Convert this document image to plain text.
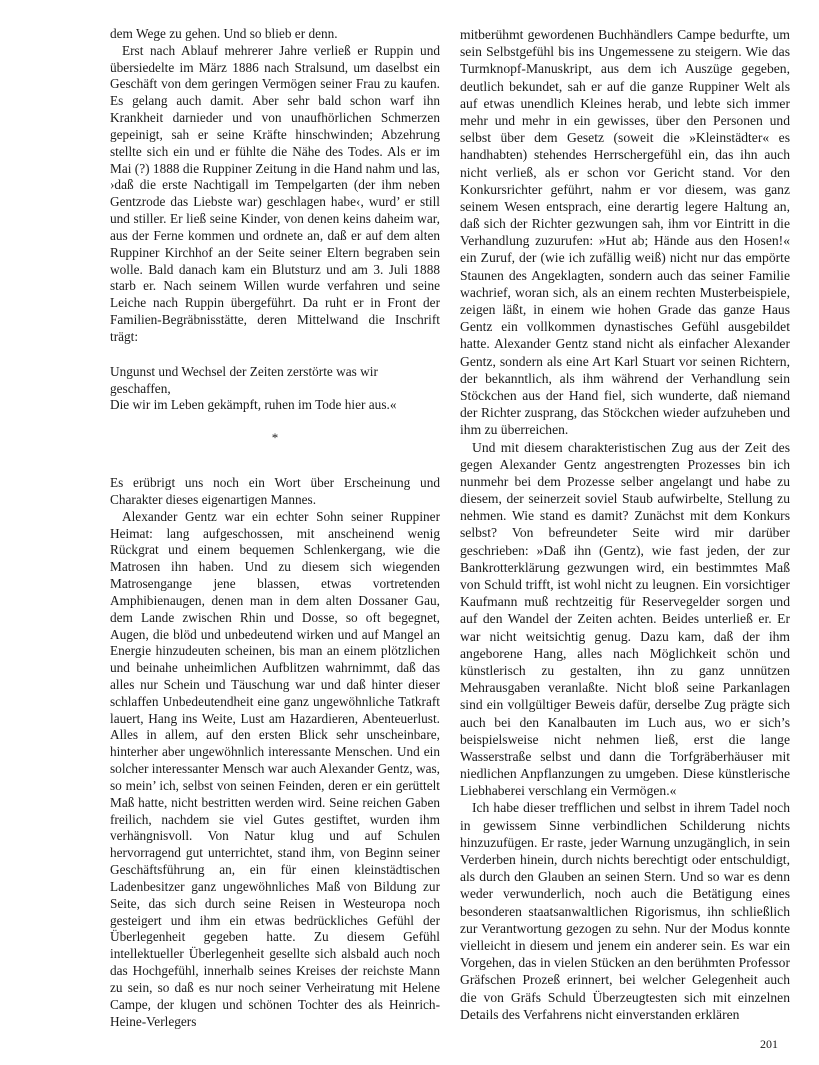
dem Wege zu gehen. Und so blieb er denn.

Erst nach Ablauf mehrerer Jahre verließ er Ruppin und übersiedelte im März 1886 nach Stralsund, um daselbst ein Geschäft von dem geringen Vermögen seiner Frau zu kaufen. Es gelang auch damit. Aber sehr bald schon warf ihn Krankheit darnieder und von unaufhörlichen Schmerzen gepeinigt, sah er seine Kräfte hinschwinden; Abzehrung stellte sich ein und er fühlte die Nähe des Todes. Als er im Mai (?) 1888 die Ruppiner Zeitung in die Hand nahm und las, ›daß die erste Nachtigall im Tempelgarten (der ihm neben Gentzrode das Liebste war) geschlagen habe‹, wurd’ er still und stiller. Er ließ seine Kinder, von denen keins daheim war, aus der Ferne kommen und ordnete an, daß er auf dem alten Ruppiner Kirchhof an der Seite seiner Eltern begraben sein wolle. Bald danach kam ein Blutsturz und am 3. Juli 1888 starb er. Nach seinem Willen wurde verfahren und seine Leiche nach Ruppin übergeführt. Da ruht er in Front der Familien-Begräbnisstätte, deren Mittelwand die Inschrift trägt:

Ungunst und Wechsel der Zeiten zerstörte was wir geschaffen,
Die wir im Leben gekämpft, ruhen im Tode hier aus.«
*

Es erübrigt uns noch ein Wort über Erscheinung und Charakter dieses eigenartigen Mannes.

Alexander Gentz war ein echter Sohn seiner Ruppiner Heimat: lang aufgeschossen, mit anscheinend wenig Rückgrat und einem bequemen Schlenkergang, wie die Matrosen ihn haben. Und zu diesem sich wiegenden Matrosengange jene blassen, etwas vortretenden Amphibienaugen, denen man in dem alten Dossaner Gau, dem Lande zwischen Rhin und Dosse, so oft begegnet, Augen, die blöd und unbedeutend wirken und auf Mangel an Energie hinzudeuten scheinen, bis man an einem plötzlichen und beinahe unheimlichen Aufblitzen wahrnimmt, daß das alles nur Schein und Täuschung war und daß hinter dieser schlaffen Unbedeutendheit eine ganz ungewöhnliche Tatkraft lauert, Hang ins Weite, Lust am Hazardieren, Abenteuerlust. Alles in allem, auf den ersten Blick sehr unscheinbare, hinterher aber ungewöhnlich interessante Menschen. Und ein solcher interessanter Mensch war auch Alexander Gentz, was, so mein’ ich, selbst von seinen Feinden, deren er ein gerüttelt Maß hatte, nicht bestritten werden wird. Seine reichen Gaben freilich, nachdem sie viel Gutes gestiftet, wurden ihm verhängnisvoll. Von Natur klug und auf Schulen hervorragend gut unterrichtet, stand ihm, von Beginn seiner Geschäftsführung an, ein für einen kleinstädtischen Ladenbesitzer ganz ungewöhnliches Maß von Bildung zur Seite, das sich durch seine Reisen in Westeuropa noch gesteigert und ihm ein etwas bedrückliches Gefühl der Überlegenheit gegeben hatte. Zu diesem Gefühl intellektueller Überlegenheit gesellte sich alsbald auch noch das Hochgefühl, innerhalb seines Kreises der reichste Mann zu sein, so daß es nur noch seiner Verheiratung mit Helene Campe, der klugen und schönen Tochter des als Heinrich-Heine-Verlegers

mitberühmt gewordenen Buchhändlers Campe bedurfte, um sein Selbstgefühl bis ins Ungemessene zu steigern. Wie das Turmknopf-Manuskript, aus dem ich Auszüge gegeben, deutlich bekundet, sah er auf die ganze Ruppiner Welt als auf etwas unendlich Kleines herab, und lebte sich immer mehr und mehr in ein gewisses, über den Personen und selbst über dem Gesetz (soweit die »Kleinstädter« es handhabten) stehendes Herrschergefühl ein, das ihn auch nicht verließ, als er schon vor Gericht stand. Vor den Konkursrichter geführt, nahm er vor diesem, was ganz seinem Wesen entsprach, eine derartig legere Haltung an, daß sich der Richter gezwungen sah, ihm vor Eintritt in die Verhandlung zuzurufen: »Hut ab; Hände aus den Hosen!« ein Zuruf, der (wie ich zufällig weiß) nicht nur das empörte Staunen des Angeklagten, sondern auch das seiner Familie wachrief, woran sich, als an einem rechten Musterbeispiele, zeigen läßt, in einem wie hohen Grade das ganze Haus Gentz ein vollkommen dynastisches Gefühl ausgebildet hatte. Alexander Gentz stand nicht als einfacher Alexander Gentz, sondern als eine Art Karl Stuart vor seinen Richtern, der bekanntlich, als ihm während der Verhandlung sein Stöckchen aus der Hand fiel, sich wunderte, daß niemand der Richter zusprang, das Stöckchen wieder aufzuheben und ihm zu überreichen.

Und mit diesem charakteristischen Zug aus der Zeit des gegen Alexander Gentz angestrengten Prozesses bin ich nunmehr bei dem Prozesse selber angelangt und habe zu diesem, der seinerzeit soviel Staub aufwirbelte, Stellung zu nehmen. Wie stand es damit? Zunächst mit dem Konkurs selbst? Von befreundeter Seite wird mir darüber geschrieben: »Daß ihn (Gentz), wie fast jeden, der zur Bankrotterklärung gezwungen wird, ein bestimmtes Maß von Schuld trifft, ist wohl nicht zu leugnen. Ein vorsichtiger Kaufmann muß rechtzeitig für Reservegelder sorgen und auf den Wandel der Zeiten achten. Beides unterließ er. Er war nicht weitsichtig genug. Dazu kam, daß der ihm angeborene Hang, alles nach Möglichkeit schön und künstlerisch zu gestalten, ihn zu ganz unnützen Mehrausgaben veranlaßte. Nicht bloß seine Parkanlagen sind ein vollgültiger Beweis dafür, derselbe Zug prägte sich auch bei den Kanalbauten im Luch aus, wo er sich’s beispielsweise nicht nehmen ließ, erst die lange Wasserstraße selbst und dann die Torfgräberhäuser mit niedlichen Anpflanzungen zu umgeben. Diese künstlerische Liebhaberei verschlang ein Vermögen.«

Ich habe dieser trefflichen und selbst in ihrem Tadel noch in gewissem Sinne verbindlichen Schilderung nichts hinzuzufügen. Er raste, jeder Warnung unzugänglich, in sein Verderben hinein, durch nichts berechtigt oder entschuldigt, als durch den Glauben an seinen Stern. Und so war es denn weder verwunderlich, noch auch die Betätigung eines besonderen staatsanwaltlichen Rigorismus, ihn schließlich zur Verantwortung gezogen zu sehn. Nur der Modus konnte vielleicht in diesem und jenem ein anderer sein. Es war ein Vorgehen, das in vielen Stücken an den berühmten Professor Gräfschen Prozeß erinnert, bei welcher Gelegenheit auch die von Gräfs Schuld Überzeugtesten sich mit einzelnen Details des Verfahrens nicht einverstanden erklären

201
